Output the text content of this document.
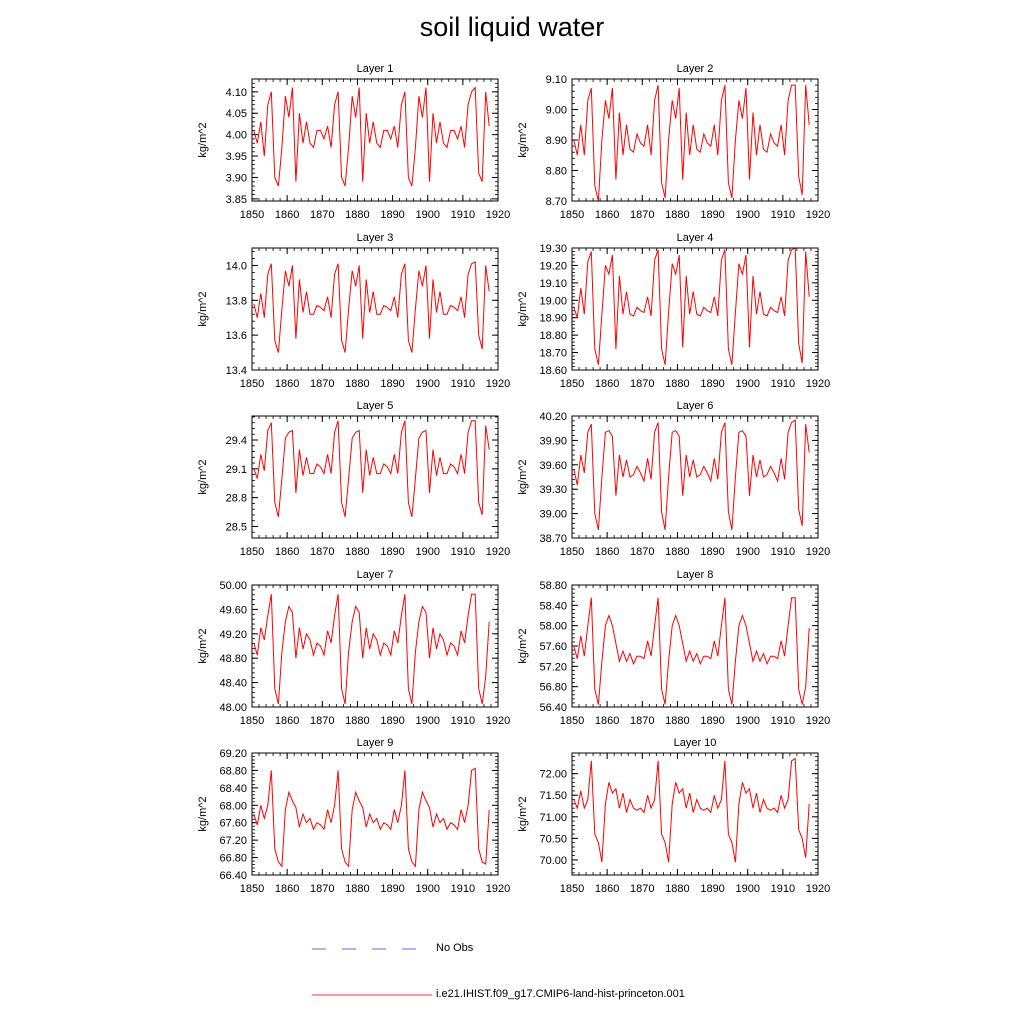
soil liquid water
Layer 1
kg/m^2
1850 1860 1870 1880 1890 1900 1910 1920
3.85
3.90
3.95
4.00
4.05
4.10
Layer 2
kg/m^2
1850 1860 1870 1880 1890 1900 1910 1920
8.70
8.80
8.90
9.00
9.10
Layer 3
kg/m^2
1850 1860 1870 1880 1890 1900 1910 1920
13.4
13.6
13.8
14.0
Layer 4
kg/m^2
1850 1860 1870 1880 1890 1900 1910 1920
18.60
18.70
18.80
18.90
19.00
19.10
19.20
19.30
Layer 5
kg/m^2
1850 1860 1870 1880 1890 1900 1910 1920
28.5
28.8
29.1
29.4
Layer 6
kg/m^2
1850 1860 1870 1880 1890 1900 1910 1920
38.70
39.00
39.30
39.60
39.90
40.20
Layer 7
kg/m^2
1850 1860 1870 1880 1890 1900 1910 1920
48.00
48.40
48.80
49.20
49.60
50.00
Layer 8
kg/m^2
1850 1860 1870 1880 1890 1900 1910 1920
56.40
56.80
57.20
57.60
58.00
58.40
58.80
Layer 9
kg/m^2
1850 1860 1870 1880 1890 1900 1910 1920
66.40
66.80
67.20
67.60
68.00
68.40
68.80
69.20
Layer 10
kg/m^2
1850 1860 1870 1880 1890 1900 1910 1920
70.00
70.50
71.00
71.50
72.00
No Obs
i.e21.IHIST.f09_g17.CMIP6-land-hist-princeton.001
